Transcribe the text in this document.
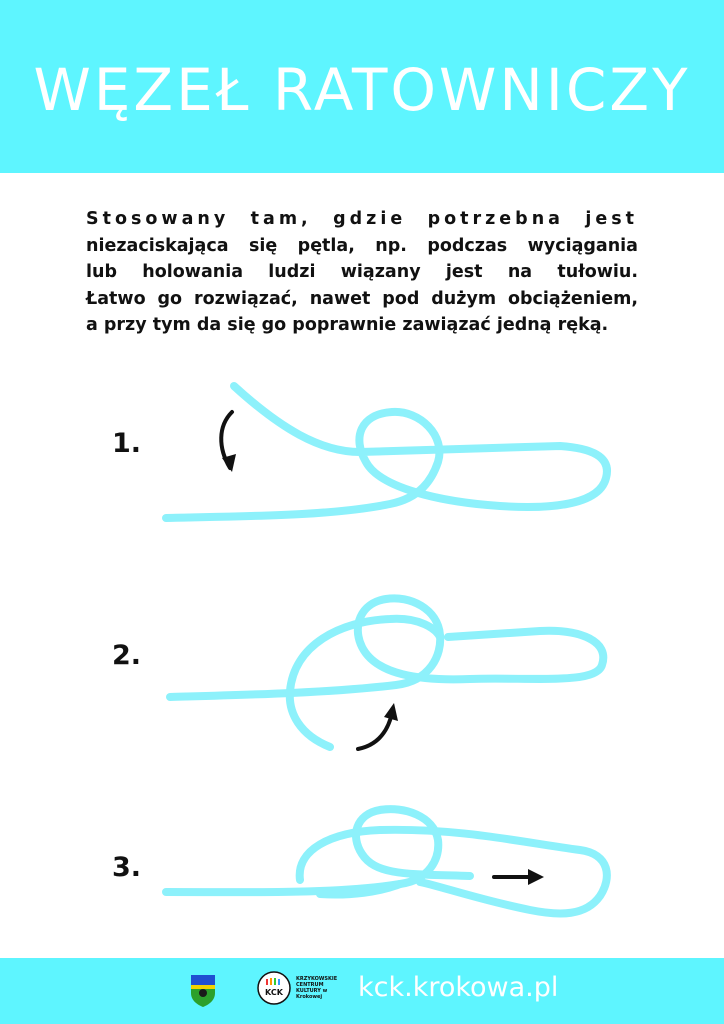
WĘZEŁ RATOWNICZY
Stosowany tam, gdzie potrzebna jest
niezaciskająca się pętla, np. podczas wyciągania
lub holowania ludzi wiązany jest na tułowiu.
Łatwo go rozwiązać, nawet pod dużym obciążeniem,
a przy tym da się go poprawnie zawiązać jedną ręką.
1.
2.
3.
KCK
KRZYKOWSKIE CENTRUM KULTURY w Krokowej	kck.krokowa.pl
